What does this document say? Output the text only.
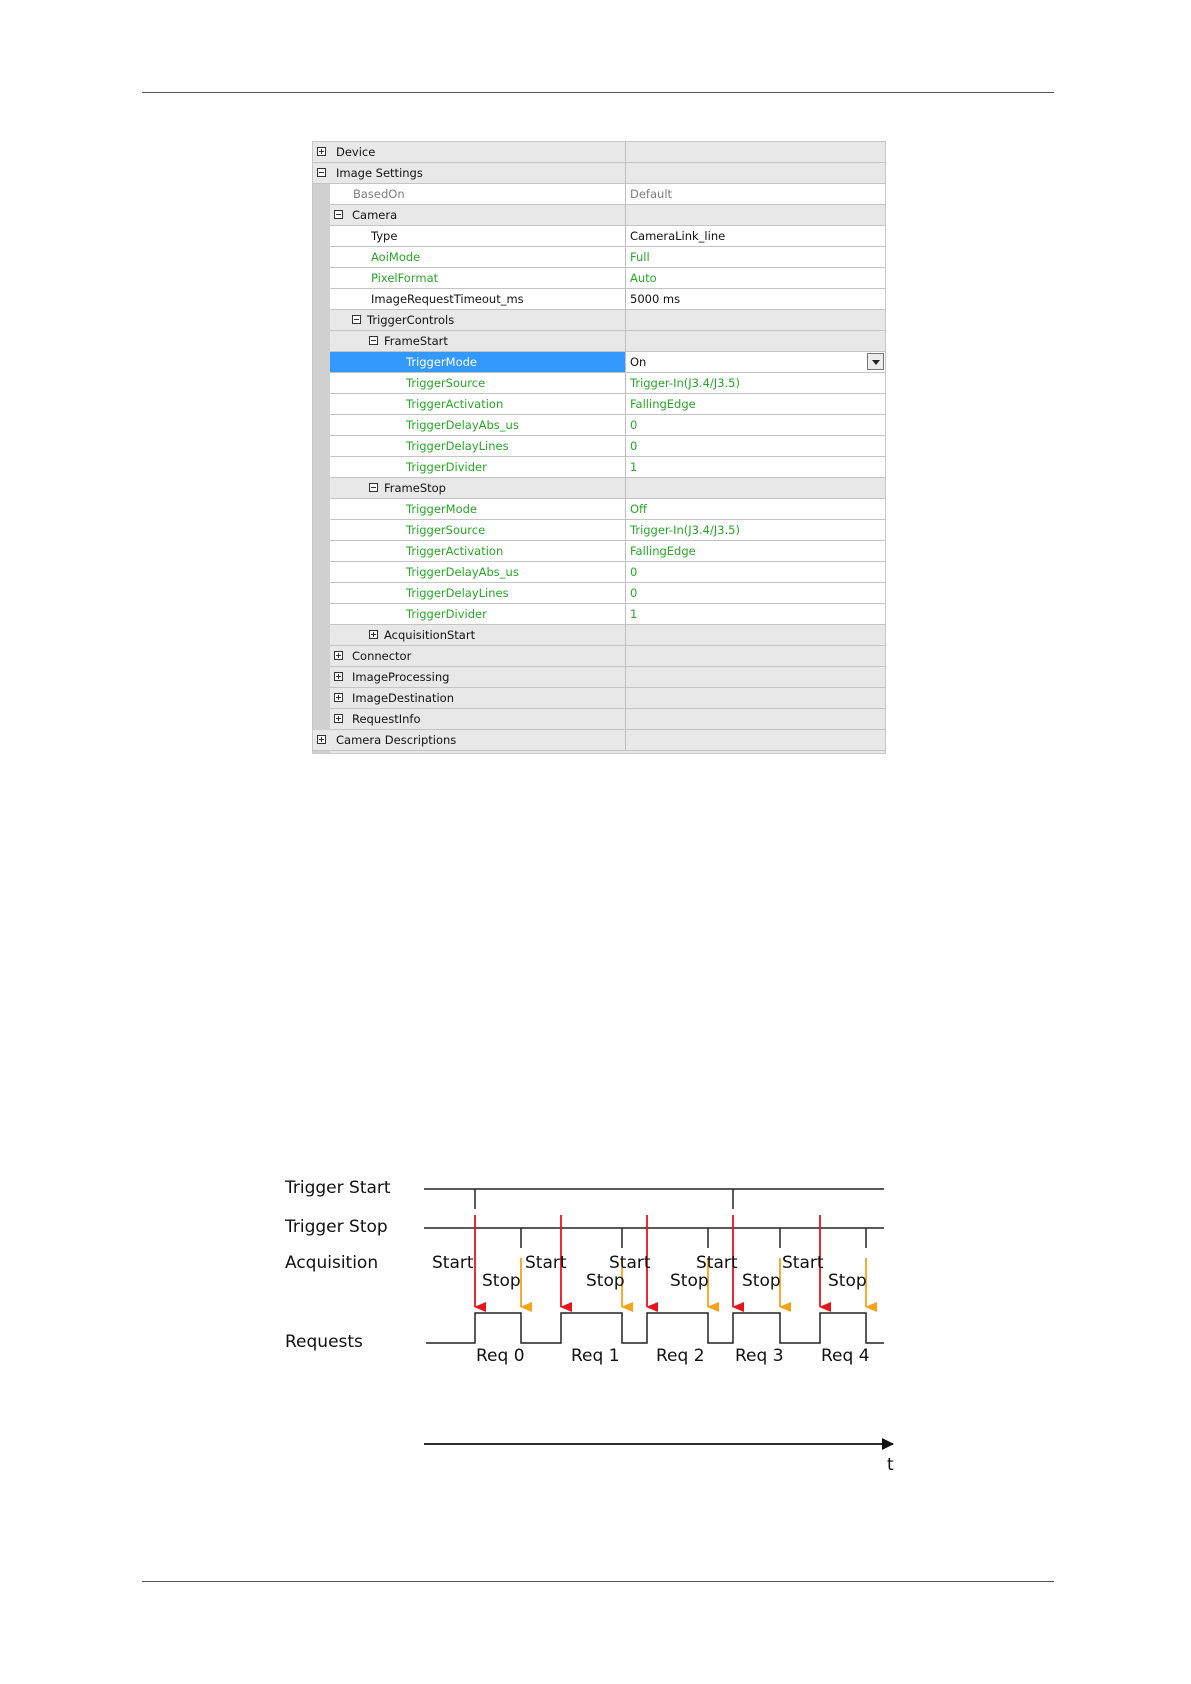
Device
Image Settings
BasedOn	Default
Camera
Type	CameraLink_line
AoiMode	Full
PixelFormat	Auto
ImageRequestTimeout_ms	5000 ms
TriggerControls
FrameStart
TriggerMode	On
TriggerSource	Trigger-In(J3.4/J3.5)
TriggerActivation	FallingEdge
TriggerDelayAbs_us	0
TriggerDelayLines	0
TriggerDivider	1
FrameStop
TriggerMode	Off
TriggerSource	Trigger-In(J3.4/J3.5)
TriggerActivation	FallingEdge
TriggerDelayAbs_us	0
TriggerDelayLines	0
TriggerDivider	1
AcquisitionStart
Connector
ImageProcessing
ImageDestination
RequestInfo
Camera Descriptions
Trigger Start
Trigger Stop
Acquisition
Requests
Start	Start Start	Start	Start
Stop	Stop	Stop Stop	Stop
Req 0	Req 1 Req 2 Req 3 Req 4
t
